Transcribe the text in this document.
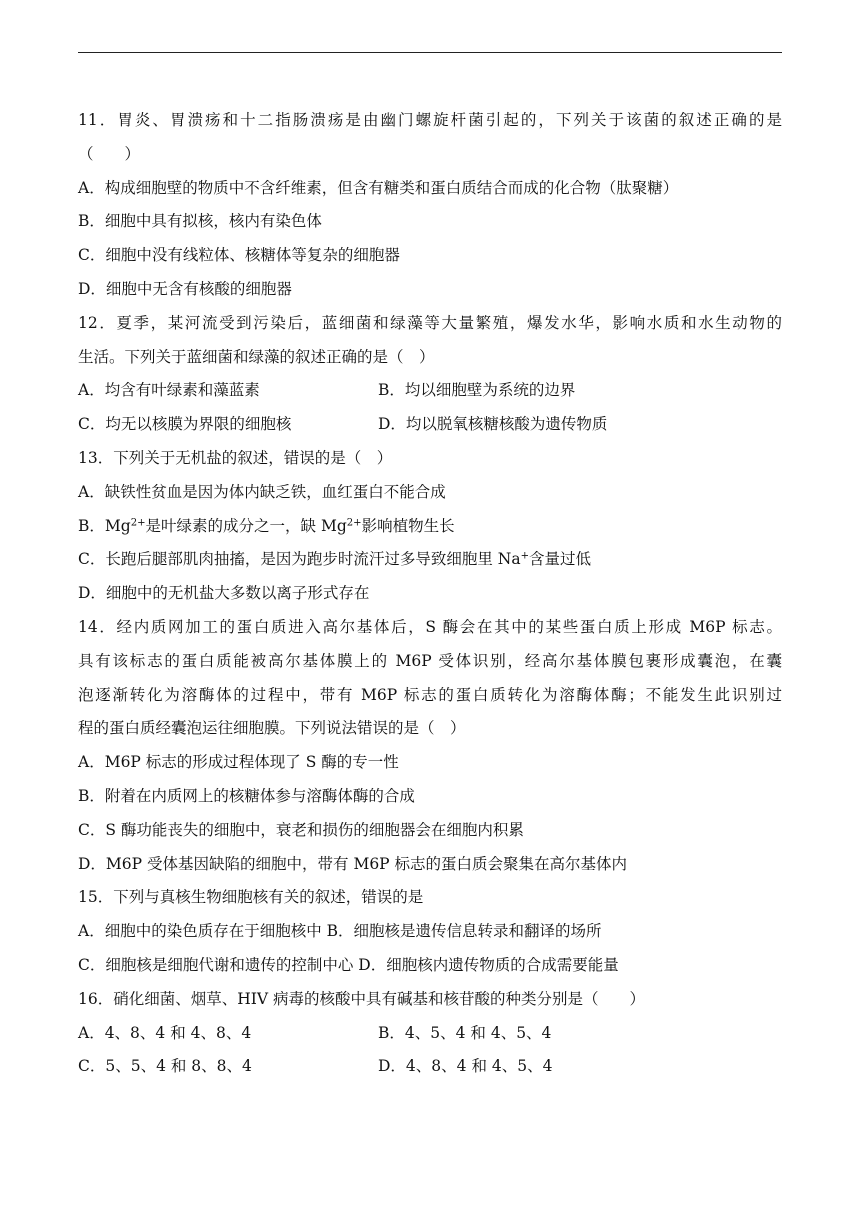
11．胃炎、胃溃疡和十二指肠溃疡是由幽门螺旋杆菌引起的，下列关于该菌的叙述正确的是
（　　）
A．构成细胞壁的物质中不含纤维素，但含有糖类和蛋白质结合而成的化合物（肽聚糖）
B．细胞中具有拟核，核内有染色体
C．细胞中没有线粒体、核糖体等复杂的细胞器
D．细胞中无含有核酸的细胞器
12．夏季，某河流受到污染后，蓝细菌和绿藻等大量繁殖，爆发水华，影响水质和水生动物的
生活。下列关于蓝细菌和绿藻的叙述正确的是（　）
A．均含有叶绿素和藻蓝素	B．均以细胞壁为系统的边界
C．均无以核膜为界限的细胞核	D．均以脱氧核糖核酸为遗传物质
13．下列关于无机盐的叙述，错误的是（　）
A．缺铁性贫血是因为体内缺乏铁，血红蛋白不能合成
B．$Mg^{2+}$是叶绿素的成分之一，缺 $Mg^{2+}$影响植物生长
C．长跑后腿部肌肉抽搐，是因为跑步时流汗过多导致细胞里 Na+含量过低
D．细胞中的无机盐大多数以离子形式存在
14．经内质网加工的蛋白质进入高尔基体后，S 酶会在其中的某些蛋白质上形成 M6P 标志。
具有该标志的蛋白质能被高尔基体膜上的 M6P 受体识别，经高尔基体膜包裹形成囊泡，在囊
泡逐渐转化为溶酶体的过程中，带有 M6P 标志的蛋白质转化为溶酶体酶；不能发生此识别过
程的蛋白质经囊泡运往细胞膜。下列说法错误的是（　）
A．M6P 标志的形成过程体现了 S 酶的专一性
B．附着在内质网上的核糖体参与溶酶体酶的合成
C．S 酶功能丧失的细胞中，衰老和损伤的细胞器会在细胞内积累
D．M6P 受体基因缺陷的细胞中，带有 M6P 标志的蛋白质会聚集在高尔基体内
15．下列与真核生物细胞核有关的叙述，错误的是
A．细胞中的染色质存在于细胞核中 B．细胞核是遗传信息转录和翻译的场所
C．细胞核是细胞代谢和遗传的控制中心 D．细胞核内遗传物质的合成需要能量
16．硝化细菌、烟草、HIV 病毒的核酸中具有碱基和核苷酸的种类分别是（　　）
A．4、8、4 和 4、8、4	B．4、5、4 和 4、5、4
C．5、5、4 和 8、8、4	D．4、8、4 和 4、5、4
